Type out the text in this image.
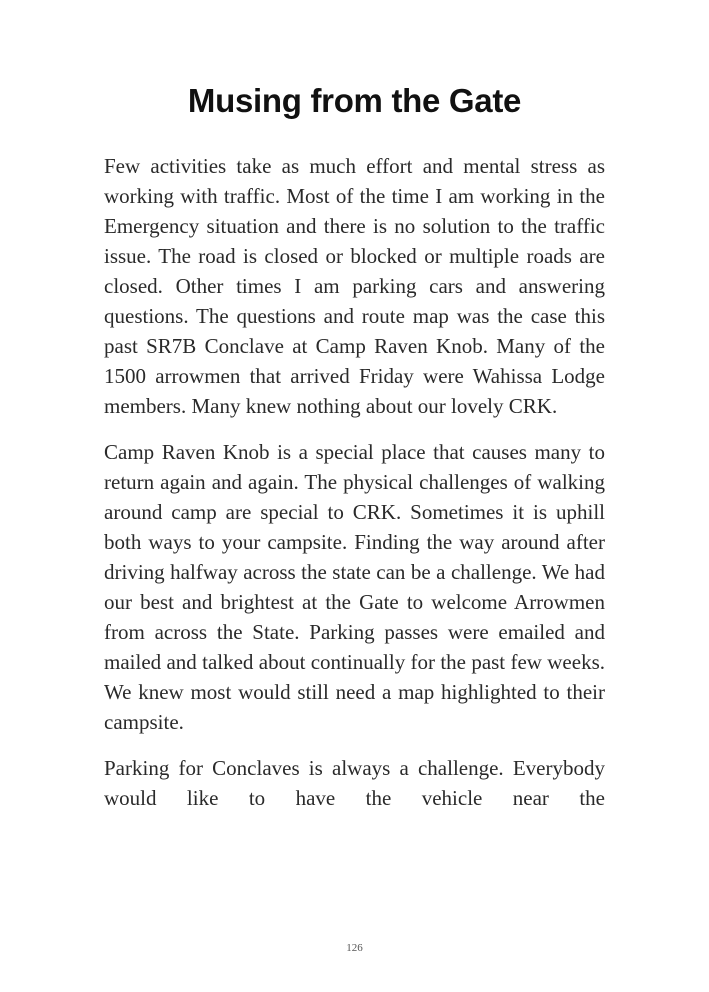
Musing from the Gate

Few activities take as much effort and mental stress as working with traffic. Most of the time I am working in the Emergency situation and there is no solution to the traffic issue. The road is closed or blocked or multiple roads are closed. Other times I am parking cars and answering questions. The questions and route map was the case this past SR7B Conclave at Camp Raven Knob. Many of the 1500 arrowmen that arrived Friday were Wahissa Lodge members. Many knew nothing about our lovely CRK.

Camp Raven Knob is a special place that causes many to return again and again. The physical challenges of walking around camp are special to CRK. Sometimes it is uphill both ways to your campsite. Finding the way around after driving halfway across the state can be a challenge. We had our best and brightest at the Gate to welcome Arrowmen from across the State. Parking passes were emailed and mailed and talked about continually for the past few weeks. We knew most would still need a map highlighted to their campsite.

Parking for Conclaves is always a challenge. Everybody would like to have the vehicle near the

126
